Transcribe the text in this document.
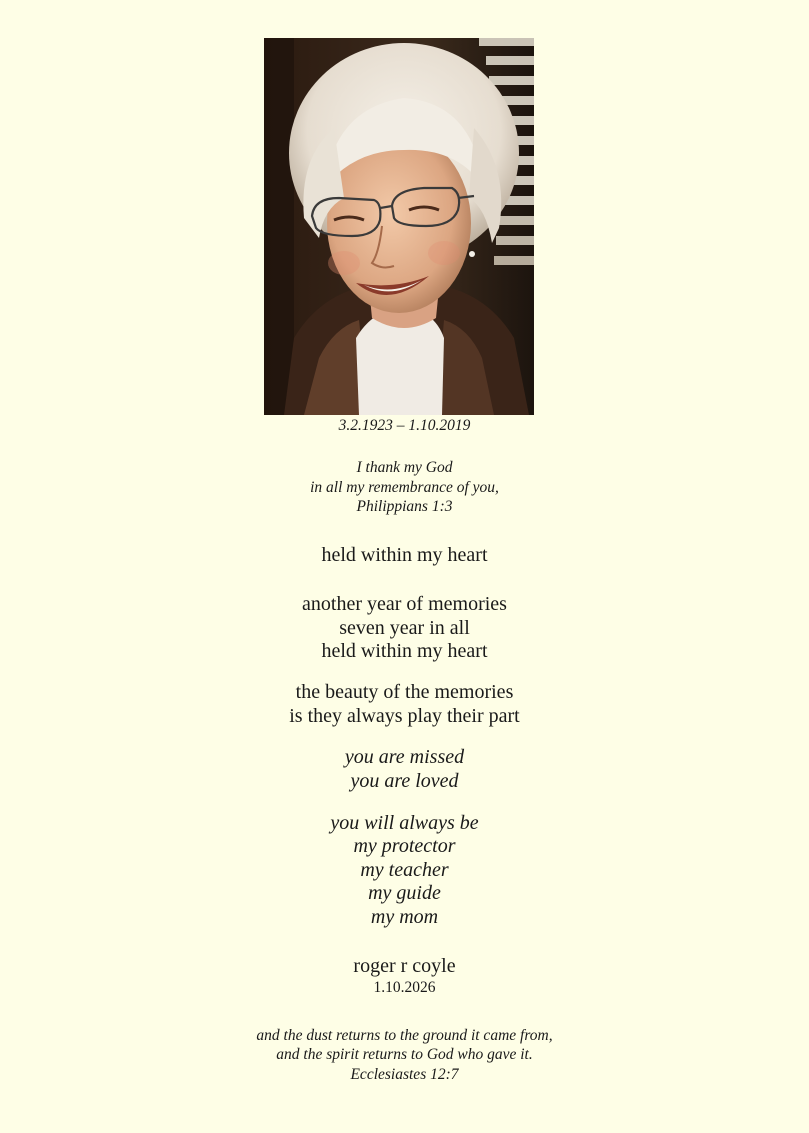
3.2.1923 – 1.10.2019
I thank my God
in all my remembrance of you,
Philippians 1:3
held within my heart
another year of memories
seven year in all
held within my heart
the beauty of the memories
is they always play their part
you are missed
you are loved
you will always be
my protector
my teacher
my guide
my mom
roger r coyle
1.10.2026
and the dust returns to the ground it came from,
and the spirit returns to God who gave it.
Ecclesiastes 12:7
